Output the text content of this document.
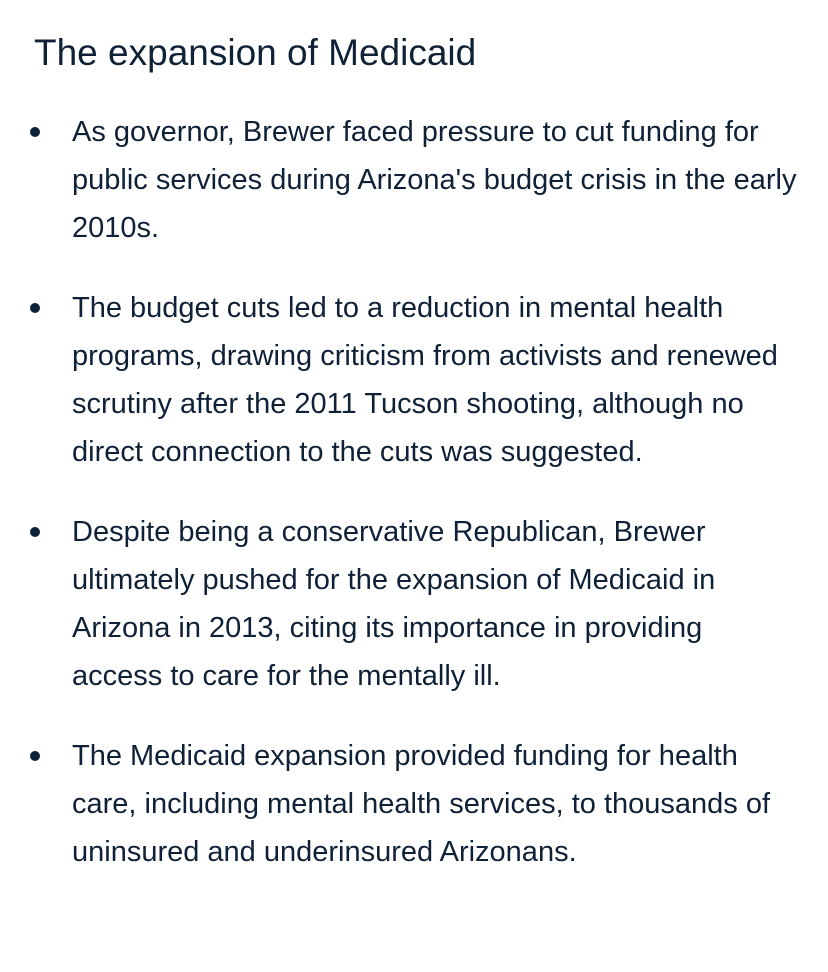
The expansion of Medicaid
As governor, Brewer faced pressure to cut funding for public services during Arizona's budget crisis in the early 2010s.
The budget cuts led to a reduction in mental health programs, drawing criticism from activists and renewed scrutiny after the 2011 Tucson shooting, although no direct connection to the cuts was suggested.
Despite being a conservative Republican, Brewer ultimately pushed for the expansion of Medicaid in Arizona in 2013, citing its importance in providing access to care for the mentally ill.
The Medicaid expansion provided funding for health care, including mental health services, to thousands of uninsured and underinsured Arizonans.
